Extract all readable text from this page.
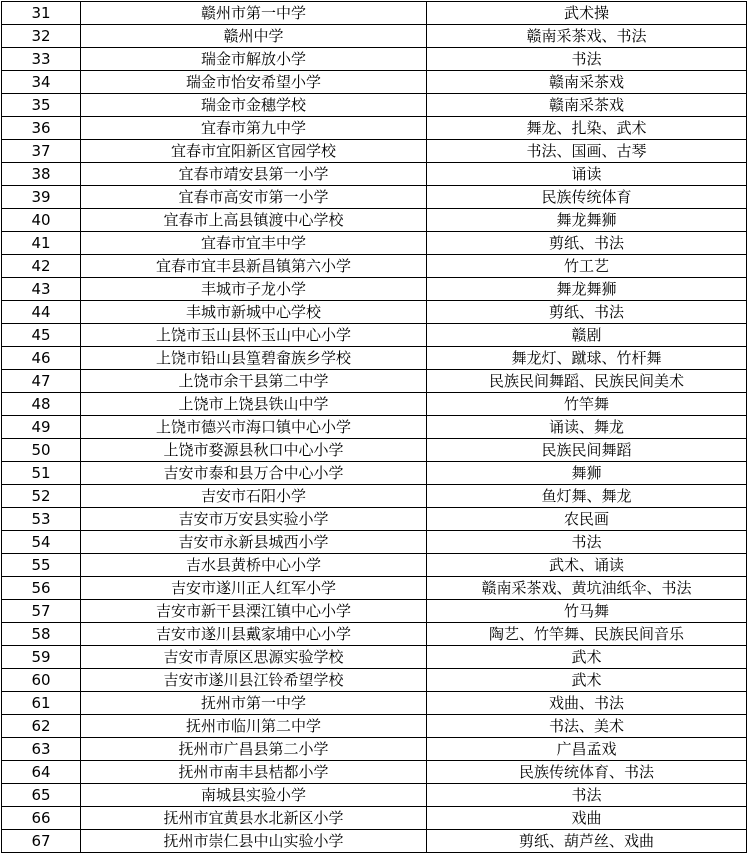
31	赣州市第一中学	武术操
32	赣州中学	赣南采茶戏、书法
33	瑞金市解放小学	书法
34	瑞金市怡安希望小学	赣南采茶戏
35	瑞金市金穗学校	赣南采茶戏
36	宜春市第九中学	舞龙、扎染、武术
37	宜春市宜阳新区官园学校	书法、国画、古琴
38	宜春市靖安县第一小学	诵读
39	宜春市高安市第一小学	民族传统体育
40	宜春市上高县镇渡中心学校	舞龙舞狮
41	宜春市宜丰中学	剪纸、书法
42	宜春市宜丰县新昌镇第六小学	竹工艺
43	丰城市子龙小学	舞龙舞狮
44	丰城市新城中心学校	剪纸、书法
45	上饶市玉山县怀玉山中心小学	赣剧
46	上饶市铅山县篁碧畲族乡学校	舞龙灯、蹴球、竹杆舞
47	上饶市余干县第二中学	民族民间舞蹈、民族民间美术
48	上饶市上饶县铁山中学	竹竿舞
49	上饶市德兴市海口镇中心小学	诵读、舞龙
50	上饶市婺源县秋口中心小学	民族民间舞蹈
51	吉安市泰和县万合中心小学	舞狮
52	吉安市石阳小学	鱼灯舞、舞龙
53	吉安市万安县实验小学	农民画
54	吉安市永新县城西小学	书法
55	吉水县黄桥中心小学	武术、诵读
56	吉安市遂川正人红军小学	赣南采茶戏、黄坑油纸伞、书法
57	吉安市新干县溧江镇中心小学	竹马舞
58	吉安市遂川县戴家埔中心小学	陶艺、竹竿舞、民族民间音乐
59	吉安市青原区思源实验学校	武术
60	吉安市遂川县江铃希望学校	武术
61	抚州市第一中学	戏曲、书法
62	抚州市临川第二中学	书法、美术
63	抚州市广昌县第二小学	广昌孟戏
64	抚州市南丰县桔都小学	民族传统体育、书法
65	南城县实验小学	书法
66	抚州市宜黄县水北新区小学	戏曲
67	抚州市崇仁县中山实验小学	剪纸、葫芦丝、戏曲
